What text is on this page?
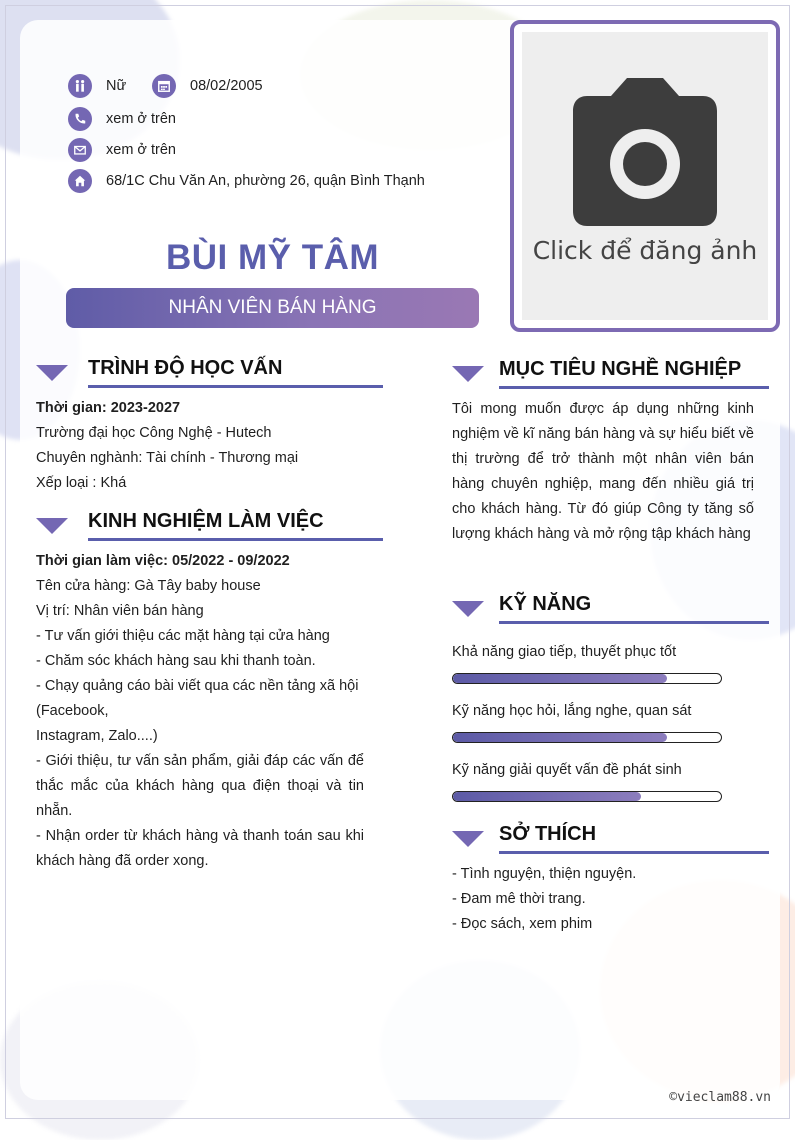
Nữ	08/02/2005
xem ở trên
xem ở trên
68/1C Chu Văn An, phường 26, quận Bình Thạnh
BÙI MỸ TÂM
NHÂN VIÊN BÁN HÀNG
Click để đăng ảnh
TRÌNH ĐỘ HỌC VẤN
Thời gian: 2023-2027
Trường đại học Công Nghệ - Hutech
Chuyên nghành: Tài chính - Thương mại
Xếp loại : Khá
KINH NGHIỆM LÀM VIỆC
Thời gian làm việc: 05/2022 - 09/2022
Tên cửa hàng: Gà Tây baby house
Vị trí: Nhân viên bán hàng
- Tư vấn giới thiệu các mặt hàng tại cửa hàng
- Chăm sóc khách hàng sau khi thanh toàn.
- Chạy quảng cáo bài viết qua các nền tảng xã hội (Facebook,
Instagram, Zalo....)
- Giới thiệu, tư vấn sản phẩm, giải đáp các vấn để thắc mắc của khách hàng qua điện thoại và tin nhẵn.
- Nhận order từ khách hàng và thanh toán sau khi khách hàng đã order xong.
MỤC TIÊU NGHỀ NGHIỆP
Tôi mong muốn được áp dụng những kinh nghiệm về kĩ năng bán hàng và sự hiểu biết về thị trường để trở thành một nhân viên bán hàng chuyên nghiệp, mang đến nhiều giá trị cho khách hàng. Từ đó giúp Công ty tăng số lượng khách hàng và mở rộng tập khách hàng
KỸ NĂNG
Khả năng giao tiếp, thuyết phục tốt
Kỹ năng học hỏi, lắng nghe, quan sát
Kỹ năng giải quyết vấn đề phát sinh
SỞ THÍCH
- Tình nguyện, thiện nguyện.
- Đam mê thời trang.
- Đọc sách, xem phim
©vieclam88.vn
